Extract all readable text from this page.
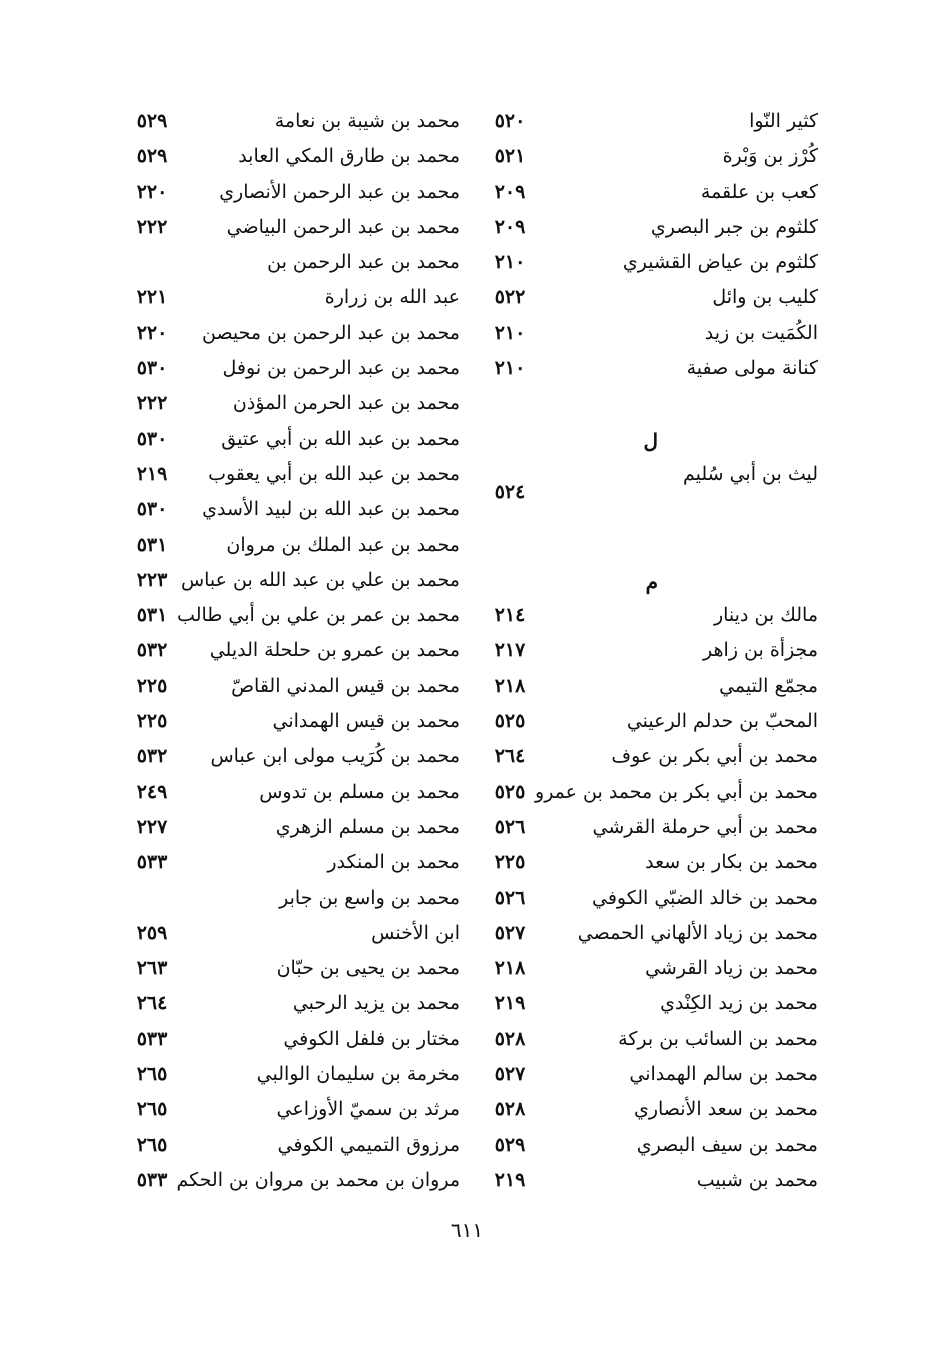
كثير النّوا
٥٢٠
كُرْز بن وَبْرة
٥٢١
كعب بن علقمة
٢٠٩
كلثوم بن جبر البصري
٢٠٩
كلثوم بن عياض القشيري
٢١٠
كليب بن وائل
٥٢٢
الكُمَيت بن زيد
٢١٠
كنانة مولى صفية
٢١٠
ل
ليث بن أبي سُليم
٥٢٤
م
مالك بن دينار
٢١٤
مجزأة بن زاهر
٢١٧
مجمّع التيمي
٢١٨
المحبّ بن حدلم الرعيني
٥٢٥
محمد بن أبي بكر بن عوف
٢٦٤
محمد بن أبي بكر بن محمد بن عمرو
٥٢٥
محمد بن أبي حرملة القرشي
٥٢٦
محمد بن بكار بن سعد
٢٢٥
محمد بن خالد الضبّي الكوفي
٥٢٦
محمد بن زياد الألهاني الحمصي
٥٢٧
محمد بن زياد القرشي
٢١٨
محمد بن زيد الكِنْدي
٢١٩
محمد بن السائب بن بركة
٥٢٨
محمد بن سالم الهمداني
٥٢٧
محمد بن سعد الأنصاري
٥٢٨
محمد بن سيف البصري
٥٢٩
محمد بن شبيب
٢١٩
محمد بن شيبة بن نعامة
٥٢٩
محمد بن طارق المكي العابد
٥٢٩
محمد بن عبد الرحمن الأنصاري
٢٢٠
محمد بن عبد الرحمن البياضي
٢٢٢
محمد بن عبد الرحمن بن
عبد الله بن زرارة
٢٢١
محمد بن عبد الرحمن بن محيصن
٢٢٠
محمد بن عبد الرحمن بن نوفل
٥٣٠
محمد بن عبد الحرمن المؤذن
٢٢٢
محمد بن عبد الله بن أبي عتيق
٥٣٠
محمد بن عبد الله بن أبي يعقوب
٢١٩
محمد بن عبد الله بن لبيد الأسدي
٥٣٠
محمد بن عبد الملك بن مروان
٥٣١
محمد بن علي بن عبد الله بن عباس
٢٢٣
محمد بن عمر بن علي بن أبي طالب
٥٣١
محمد بن عمرو بن حلحلة الديلي
٥٣٢
محمد بن قيس المدني القاصّ
٢٢٥
محمد بن قيس الهمداني
٢٢٥
محمد بن كُرَيب مولى ابن عباس
٥٣٢
محمد بن مسلم بن تدوس
٢٤٩
محمد بن مسلم الزهري
٢٢٧
محمد بن المنكدر
٥٣٣
محمد بن واسع بن جابر
ابن الأخنس
٢٥٩
محمد بن يحيى بن حبّان
٢٦٣
محمد بن يزيد الرحبي
٢٦٤
مختار بن فلفل الكوفي
٥٣٣
مخرمة بن سليمان الوالبي
٢٦٥
مرثد بن سميّ الأوزاعي
٢٦٥
مرزوق التميمي الكوفي
٢٦٥
مروان بن محمد بن مروان بن الحكم
٥٣٣
٦١١
